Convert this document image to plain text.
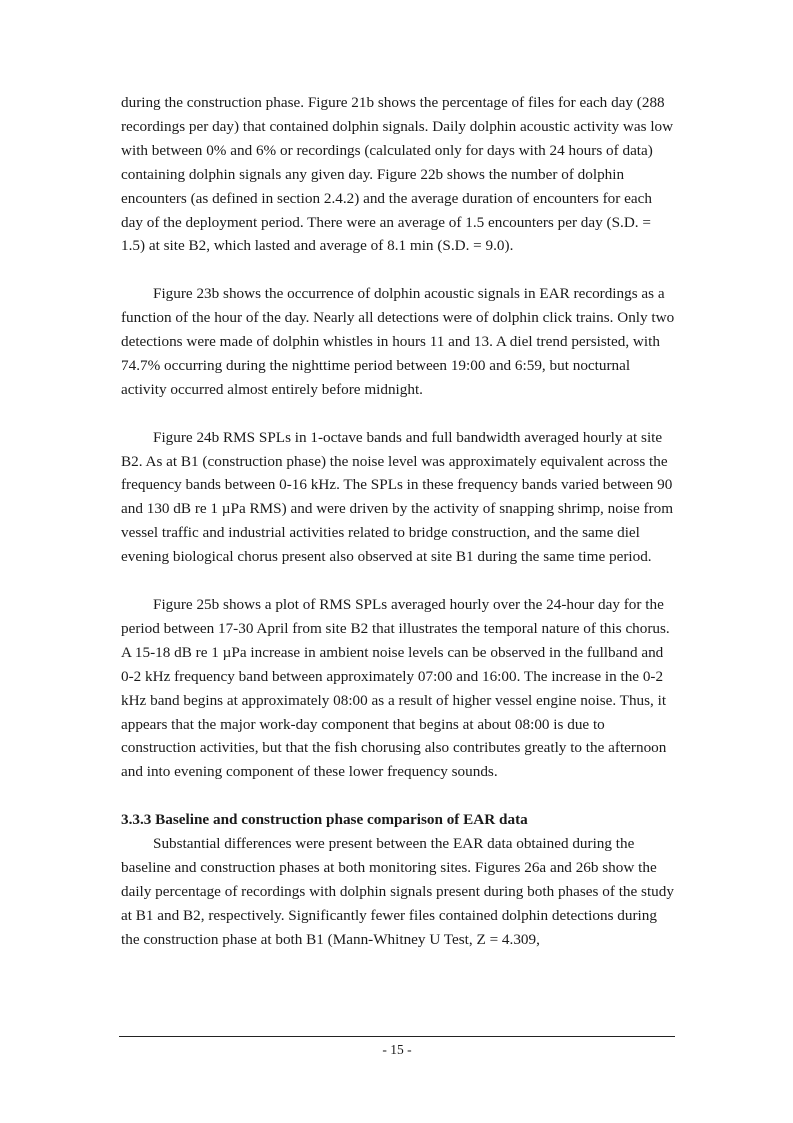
during the construction phase. Figure 21b shows the percentage of files for each day (288 recordings per day) that contained dolphin signals. Daily dolphin acoustic activity was low with between 0% and 6% or recordings (calculated only for days with 24 hours of data) containing dolphin signals any given day. Figure 22b shows the number of dolphin encounters (as defined in section 2.4.2) and the average duration of encounters for each day of the deployment period. There were an average of 1.5 encounters per day (S.D. = 1.5) at site B2, which lasted and average of 8.1 min (S.D. = 9.0).

Figure 23b shows the occurrence of dolphin acoustic signals in EAR recordings as a function of the hour of the day. Nearly all detections were of dolphin click trains. Only two detections were made of dolphin whistles in hours 11 and 13. A diel trend persisted, with 74.7% occurring during the nighttime period between 19:00 and 6:59, but nocturnal activity occurred almost entirely before midnight.

Figure 24b RMS SPLs in 1-octave bands and full bandwidth averaged hourly at site B2. As at B1 (construction phase) the noise level was approximately equivalent across the frequency bands between 0-16 kHz. The SPLs in these frequency bands varied between 90 and 130 dB re 1 µPa RMS) and were driven by the activity of snapping shrimp, noise from vessel traffic and industrial activities related to bridge construction, and the same diel evening biological chorus present also observed at site B1 during the same time period.

Figure 25b shows a plot of RMS SPLs averaged hourly over the 24-hour day for the period between 17-30 April from site B2 that illustrates the temporal nature of this chorus. A 15-18 dB re 1 µPa increase in ambient noise levels can be observed in the fullband and 0-2 kHz frequency band between approximately 07:00 and 16:00. The increase in the 0-2 kHz band begins at approximately 08:00 as a result of higher vessel engine noise. Thus, it appears that the major work-day component that begins at about 08:00 is due to construction activities, but that the fish chorusing also contributes greatly to the afternoon and into evening component of these lower frequency sounds.

3.3.3 Baseline and construction phase comparison of EAR data

Substantial differences were present between the EAR data obtained during the baseline and construction phases at both monitoring sites. Figures 26a and 26b show the daily percentage of recordings with dolphin signals present during both phases of the study at B1 and B2, respectively. Significantly fewer files contained dolphin detections during the construction phase at both B1 (Mann-Whitney U Test, Z = 4.309,

- 15 -
